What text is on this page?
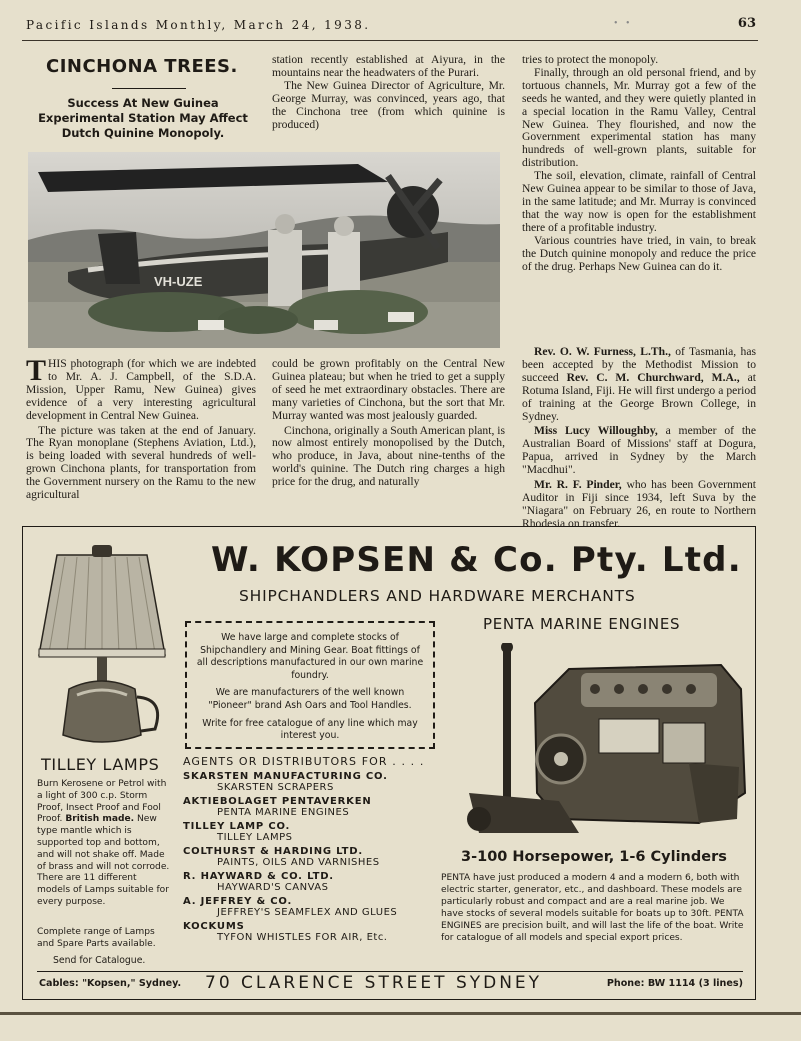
Pacific Islands Monthly, March 24, 1938.	• •	63
CINCHONA TREES.
Success At New Guinea Experimental Station May Affect Dutch Quinine Monopoly.
VH-UZE

station recently established at Aiyura, in the mountains near the headwaters of the Purari.

The New Guinea Director of Agriculture, Mr. George Murray, was convinced, years ago, that the Cinchona tree (from which quinine is produced)

THIS photograph (for which we are indebted to Mr. A. J. Campbell, of the S.D.A. Mission, Upper Ramu, New Guinea) gives evidence of a very interesting agricultural development in Central New Guinea.

The picture was taken at the end of January. The Ryan monoplane (Stephens Aviation, Ltd.), is being loaded with several hundreds of well-grown Cinchona plants, for transportation from the Government nursery on the Ramu to the new agricultural

could be grown profitably on the Central New Guinea plateau; but when he tried to get a supply of seed he met extraordinary obstacles. There are many varieties of Cinchona, but the sort that Mr. Murray wanted was most jealously guarded.

Cinchona, originally a South American plant, is now almost entirely monopolised by the Dutch, who produce, in Java, about nine-tenths of the world's quinine. The Dutch ring charges a high price for the drug, and naturally

tries to protect the monopoly.

Finally, through an old personal friend, and by tortuous channels, Mr. Murray got a few of the seeds he wanted, and they were quietly planted in a special location in the Ramu Valley, Central New Guinea. They flourished, and now the Government experimental station has many hundreds of well-grown plants, suitable for distribution.

The soil, elevation, climate, rainfall of Central New Guinea appear to be similar to those of Java, in the same latitude; and Mr. Murray is convinced that the way now is open for the establishment there of a profitable industry.

Various countries have tried, in vain, to break the Dutch quinine monopoly and reduce the price of the drug. Perhaps New Guinea can do it.

Rev. O. W. Furness, L.Th., of Tasmania, has been accepted by the Methodist Mission to succeed Rev. C. M. Churchward, M.A., at Rotuma Island, Fiji. He will first undergo a period of training at the George Brown College, in Sydney.

Miss Lucy Willoughby, a member of the Australian Board of Missions' staff at Dogura, Papua, arrived in Sydney by the March "Macdhui".

Mr. R. F. Pinder, who has been Government Auditor in Fiji since 1934, left Suva by the "Niagara" on February 26, en route to Northern Rhodesia on transfer.

W. KOPSEN & Co. Pty. Ltd.
SHIPCHANDLERS AND HARDWARE MERCHANTS

We have large and complete stocks of Shipchandlery and Mining Gear. Boat fittings of all descriptions manufactured in our own marine foundry.

We are manufacturers of the well known "Pioneer" brand Ash Oars and Tool Handles.

Write for free catalogue of any line which may interest you.

PENTA MARINE ENGINES
TILLEY LAMPS
Burn Kerosene or Petrol with a light of 300 c.p. Storm Proof, Insect Proof and Fool Proof. British made. New type mantle which is supported top and bottom, and will not shake off. Made of brass and will not corrode. There are 11 different models of Lamps suitable for every purpose.
Complete range of Lamps and Spare Parts available.
Send for Catalogue.
AGENTS OR DISTRIBUTORS FOR . . . .
SKARSTEN MANUFACTURING CO.
SKARSTEN SCRAPERS
AKTIEBOLAGET PENTAVERKEN
PENTA MARINE ENGINES
TILLEY LAMP CO.
TILLEY LAMPS
COLTHURST & HARDING LTD.
PAINTS, OILS AND VARNISHES
R. HAYWARD & CO. LTD.
HAYWARD'S CANVAS
A. JEFFREY & CO.
JEFFREY'S SEAMFLEX AND GLUES
KOCKUMS
TYFON WHISTLES FOR AIR, Etc.
3-100 Horsepower, 1-6 Cylinders
PENTA have just produced a modern 4 and a modern 6, both with electric starter, generator, etc., and dashboard. These models are particularly robust and compact and are a real marine job. We have stocks of several models suitable for boats up to 30ft. PENTA ENGINES are precision built, and will last the life of the boat. Write for catalogue of all models and special export prices.
Cables: "Kopsen," Sydney. 70 CLARENCE STREET SYDNEY	Phone: BW 1114 (3 lines)
